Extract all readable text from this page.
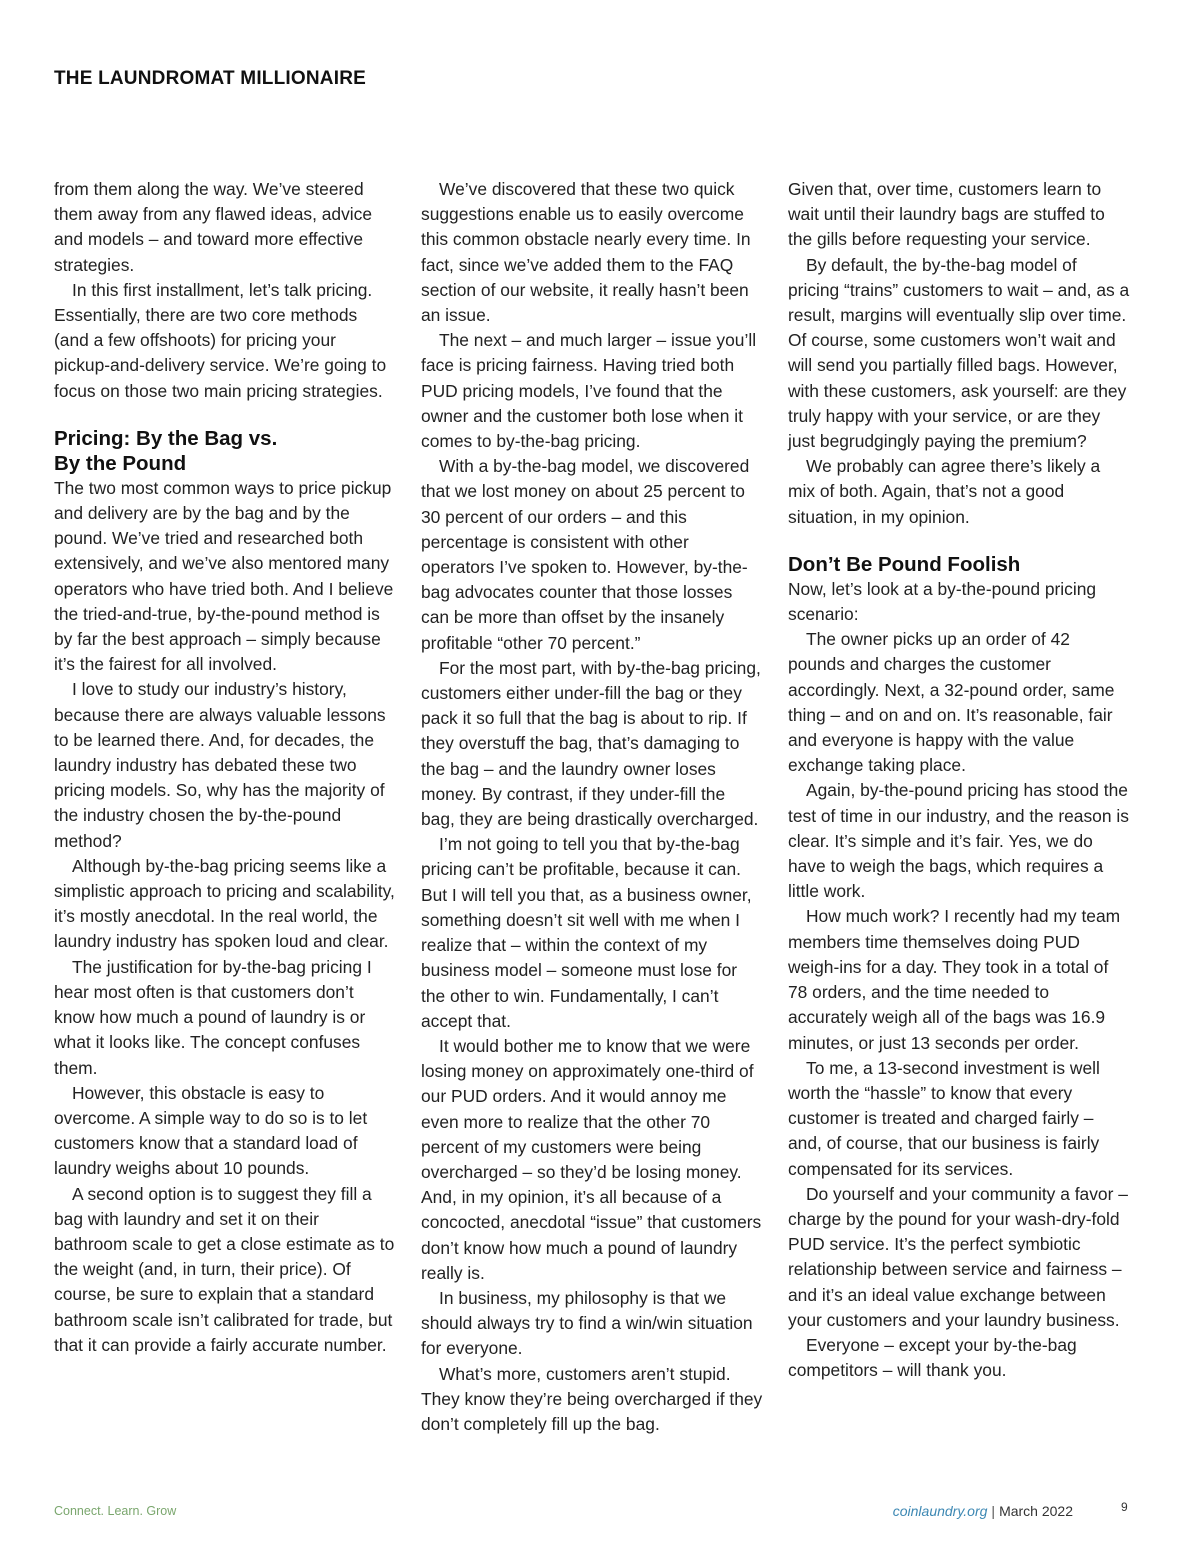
THE LAUNDROMAT MILLIONAIRE

from them along the way. We’ve steered them away from any flawed ideas, advice and models – and toward more effective strategies.

In this first installment, let’s talk pricing. Essentially, there are two core methods (and a few offshoots) for pricing your pickup-and-delivery service. We’re going to focus on those two main pricing strategies.

Pricing: By the Bag vs.
By the Pound

The two most common ways to price pickup and delivery are by the bag and by the pound. We’ve tried and researched both extensively, and we’ve also mentored many operators who have tried both. And I believe the tried-and-true, by-the-pound method is by far the best approach – simply because it’s the fairest for all involved.

I love to study our industry’s history, because there are always valuable lessons to be learned there. And, for decades, the laundry industry has debated these two pricing models. So, why has the majority of the industry chosen the by-the-pound method?

Although by-the-bag pricing seems like a simplistic approach to pricing and scalability, it’s mostly anecdotal. In the real world, the laundry industry has spoken loud and clear.

The justification for by-the-bag pricing I hear most often is that customers don’t know how much a pound of laundry is or what it looks like. The concept confuses them.

However, this obstacle is easy to overcome. A simple way to do so is to let customers know that a standard load of laundry weighs about 10 pounds.

A second option is to suggest they fill a bag with laundry and set it on their bathroom scale to get a close estimate as to the weight (and, in turn, their price). Of course, be sure to explain that a standard bathroom scale isn’t calibrated for trade, but that it can provide a fairly accurate number.

We’ve discovered that these two quick suggestions enable us to easily overcome this common obstacle nearly every time. In fact, since we’ve added them to the FAQ section of our website, it really hasn’t been an issue.

The next – and much larger – issue you’ll face is pricing fairness. Having tried both PUD pricing models, I’ve found that the owner and the customer both lose when it comes to by-the-bag pricing.

With a by-the-bag model, we discovered that we lost money on about 25 percent to 30 percent of our orders – and this percentage is consistent with other operators I’ve spoken to. However, by-the-bag advocates counter that those losses can be more than offset by the insanely profitable “other 70 percent.”

For the most part, with by-the-bag pricing, customers either under-fill the bag or they pack it so full that the bag is about to rip. If they overstuff the bag, that’s damaging to the bag – and the laundry owner loses money. By contrast, if they under-fill the bag, they are being drastically overcharged.

I’m not going to tell you that by-the-bag pricing can’t be profitable, because it can. But I will tell you that, as a business owner, something doesn’t sit well with me when I realize that – within the context of my business model – someone must lose for the other to win. Fundamentally, I can’t accept that.

It would bother me to know that we were losing money on approximately one-third of our PUD orders. And it would annoy me even more to realize that the other 70 percent of my customers were being overcharged – so they’d be losing money. And, in my opinion, it’s all because of a concocted, anecdotal “issue” that customers don’t know how much a pound of laundry really is.

In business, my philosophy is that we should always try to find a win/win situation for everyone.

What’s more, customers aren’t stupid. They know they’re being overcharged if they don’t completely fill up the bag.

Given that, over time, customers learn to wait until their laundry bags are stuffed to the gills before requesting your service.

By default, the by-the-bag model of pricing “trains” customers to wait – and, as a result, margins will eventually slip over time. Of course, some customers won’t wait and will send you partially filled bags. However, with these customers, ask yourself: are they truly happy with your service, or are they just begrudgingly paying the premium?

We probably can agree there’s likely a mix of both. Again, that’s not a good situation, in my opinion.

Don’t Be Pound Foolish

Now, let’s look at a by-the-pound pricing scenario:

The owner picks up an order of 42 pounds and charges the customer accordingly. Next, a 32-pound order, same thing – and on and on. It’s reasonable, fair and everyone is happy with the value exchange taking place.

Again, by-the-pound pricing has stood the test of time in our industry, and the reason is clear. It’s simple and it’s fair. Yes, we do have to weigh the bags, which requires a little work.

How much work? I recently had my team members time themselves doing PUD weigh-ins for a day. They took in a total of 78 orders, and the time needed to accurately weigh all of the bags was 16.9 minutes, or just 13 seconds per order.

To me, a 13-second investment is well worth the “hassle” to know that every customer is treated and charged fairly – and, of course, that our business is fairly compensated for its services.

Do yourself and your community a favor – charge by the pound for your wash-dry-fold PUD service. It’s the perfect symbiotic relationship between service and fairness – and it’s an ideal value exchange between your customers and your laundry business.

Everyone – except your by-the-bag competitors – will thank you.

Connect. Learn. Grow	coinlaundry.org | March 2022	9
